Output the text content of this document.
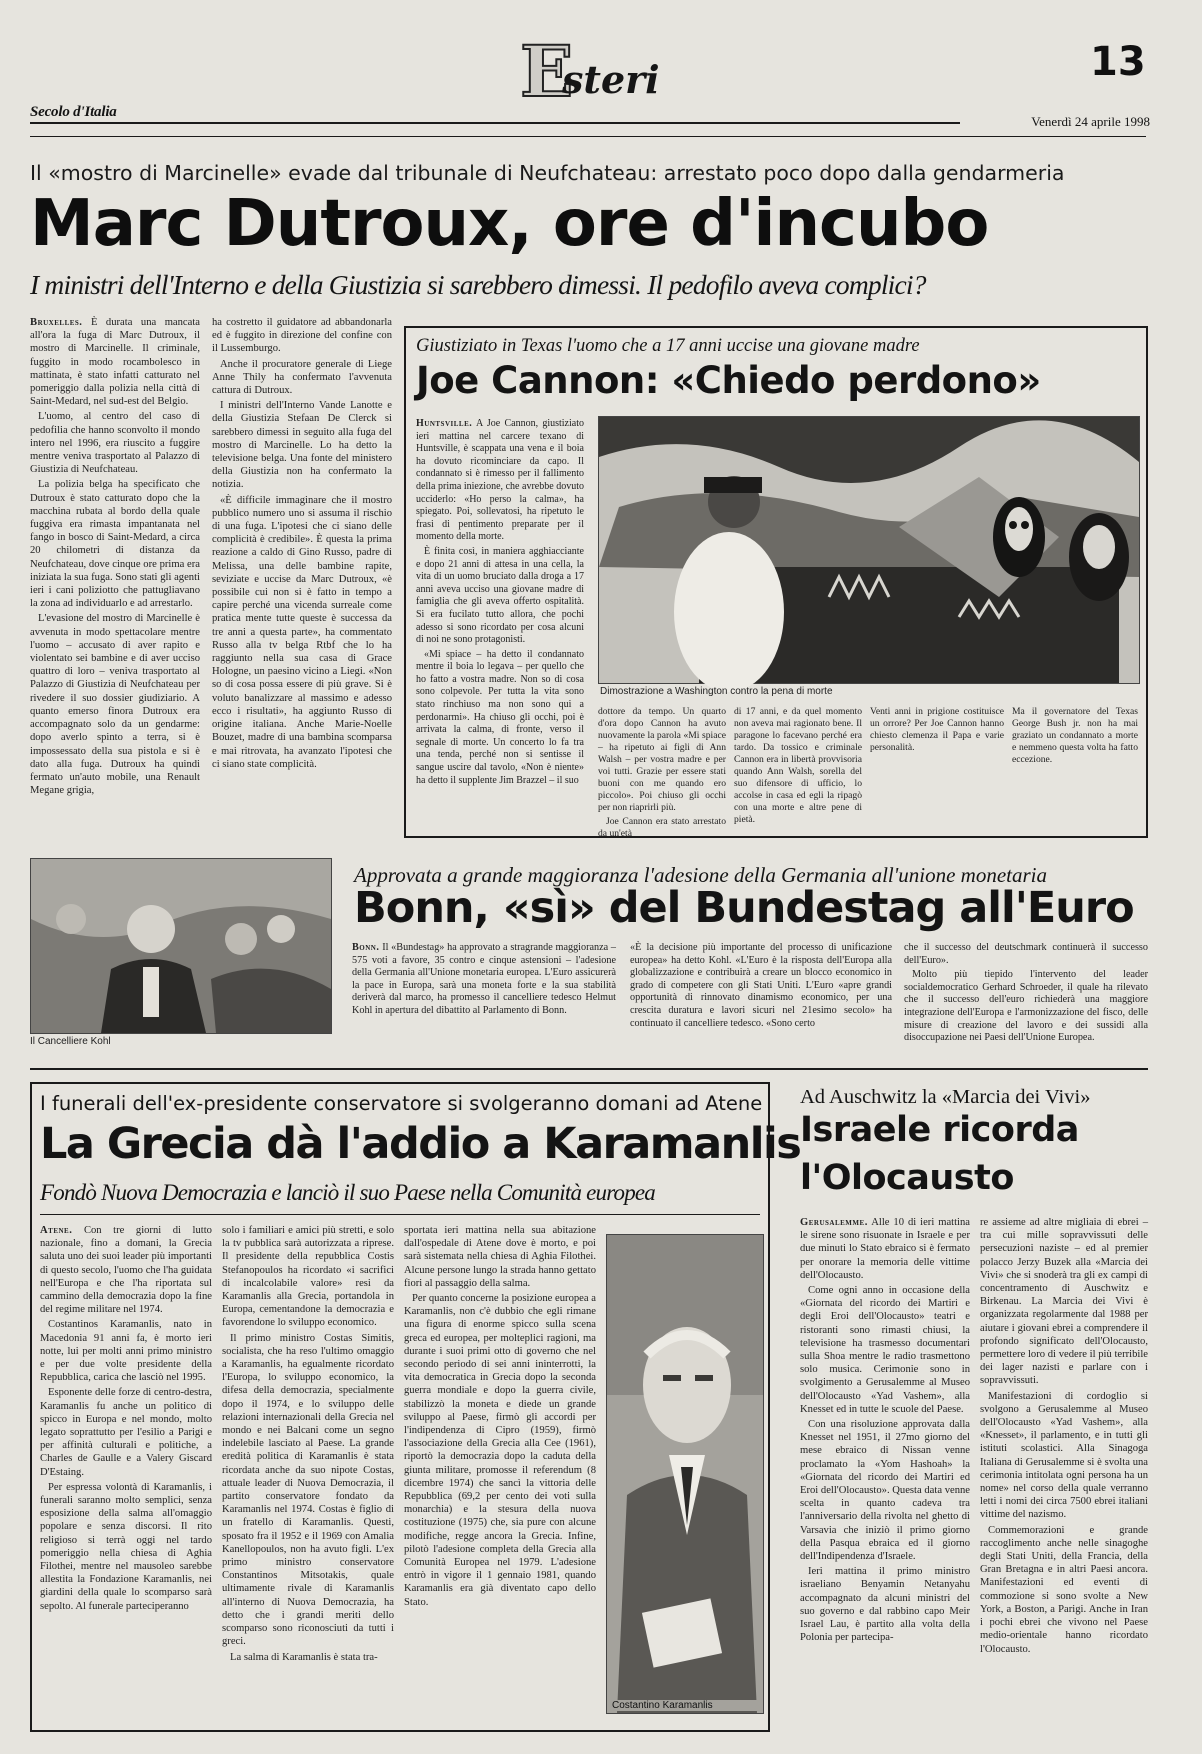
E
steri	13
Secolo d'Italia
Venerdì 24 aprile 1998
Il «mostro di Marcinelle» evade dal tribunale di Neufchateau: arrestato poco dopo dalla gendarmeria
Marc Dutroux, ore d'incubo
I ministri dell'Interno e della Giustizia si sarebbero dimessi. Il pedofilo aveva complici?

Bruxelles. È durata una mancata all'ora la fuga di Marc Dutroux, il mostro di Marcinelle. Il criminale, fuggito in modo rocambolesco in mattinata, è stato infatti catturato nel pomeriggio dalla polizia nella città di Saint-Medard, nel sud-est del Belgio.

L'uomo, al centro del caso di pedofilia che hanno sconvolto il mondo intero nel 1996, era riuscito a fuggire mentre veniva trasportato al Palazzo di Giustizia di Neufchateau.

La polizia belga ha specificato che Dutroux è stato catturato dopo che la macchina rubata al bordo della quale fuggiva era rimasta impantanata nel fango in bosco di Saint-Medard, a circa 20 chilometri di distanza da Neufchateau, dove cinque ore prima era iniziata la sua fuga. Sono stati gli agenti ieri i cani poliziotto che pattugliavano la zona ad individuarlo e ad arrestarlo.

L'evasione del mostro di Marcinelle è avvenuta in modo spettacolare mentre l'uomo – accusato di aver rapito e violentato sei bambine e di aver ucciso quattro di loro – veniva trasportato al Palazzo di Giustizia di Neufchateau per rivedere il suo dossier giudiziario. A quanto emerso finora Dutroux era accompagnato solo da un gendarme: dopo averlo spinto a terra, si è impossessato della sua pistola e si è dato alla fuga. Dutroux ha quindi fermato un'auto mobile, una Renault Megane grigia,

ha costretto il guidatore ad abbandonarla ed è fuggito in direzione del confine con il Lussemburgo.

Anche il procuratore generale di Liege Anne Thily ha confermato l'avvenuta cattura di Dutroux.

I ministri dell'Interno Vande Lanotte e della Giustizia Stefaan De Clerck si sarebbero dimessi in seguito alla fuga del mostro di Marcinelle. Lo ha detto la televisione belga. Una fonte del ministero della Giustizia non ha confermato la notizia.

«È difficile immaginare che il mostro pubblico numero uno si assuma il rischio di una fuga. L'ipotesi che ci siano delle complicità è credibile». È questa la prima reazione a caldo di Gino Russo, padre di Melissa, una delle bambine rapite, seviziate e uccise da Marc Dutroux, «è possibile cui non si è fatto in tempo a capire perché una vicenda surreale come pratica mente tutte queste è successa da tre anni a questa parte», ha commentato Russo alla tv belga Rtbf che lo ha raggiunto nella sua casa di Grace Hologne, un paesino vicino a Liegi. «Non so di cosa possa essere di più grave. Si è voluto banalizzare al massimo e adesso ecco i risultati», ha aggiunto Russo di origine italiana. Anche Marie-Noelle Bouzet, madre di una bambina scomparsa e mai ritrovata, ha avanzato l'ipotesi che ci siano state complicità.

Giustiziato in Texas l'uomo che a 17 anni uccise una giovane madre
Joe Cannon: «Chiedo perdono»

Huntsville. A Joe Cannon, giustiziato ieri mattina nel carcere texano di Huntsville, è scappata una vena e il boia ha dovuto ricominciare da capo. Il condannato si è rimesso per il fallimento della prima iniezione, che avrebbe dovuto ucciderlo: «Ho perso la calma», ha spiegato. Poi, sollevatosi, ha ripetuto le frasi di pentimento preparate per il momento della morte.

È finita così, in maniera agghiacciante e dopo 21 anni di attesa in una cella, la vita di un uomo bruciato dalla droga a 17 anni aveva ucciso una giovane madre di famiglia che gli aveva offerto ospitalità. Si era fucilato tutto allora, che pochi adesso si sono ricordato per cosa alcuni di noi ne sono protagonisti.

«Mi spiace – ha detto il condannato mentre il boia lo legava – per quello che ho fatto a vostra madre. Non so di cosa sono colpevole. Per tutta la vita sono stato rinchiuso ma non sono qui a perdonarmi». Ha chiuso gli occhi, poi è arrivata la calma, di fronte, verso il segnale di morte. Un concerto lo fa tra una tenda, perché non si sentisse il sangue uscire dal tavolo, «Non è niente» ha detto il supplente Jim Brazzel – il suo

Dimostrazione a Washington contro la pena di morte

dottore da tempo. Un quarto d'ora dopo Cannon ha avuto nuovamente la parola «Mi spiace – ha ripetuto ai figli di Ann Walsh – per vostra madre e per voi tutti. Grazie per essere stati buoni con me quando ero piccolo». Poi chiuso gli occhi per non riaprirli più.

Joe Cannon era stato arrestato da un'età

di 17 anni, e da quel momento non aveva mai ragionato bene. Il paragone lo facevano perché era tardo. Da tossico e criminale Cannon era in libertà provvisoria quando Ann Walsh, sorella del suo difensore di ufficio, lo accolse in casa ed egli la ripagò con una morte e altre pene di pietà.

Venti anni in prigione costituisce un orrore? Per Joe Cannon hanno chiesto clemenza il Papa e varie personalità.

Ma il governatore del Texas George Bush jr. non ha mai graziato un condannato a morte e nemmeno questa volta ha fatto eccezione.

Il Cancelliere Kohl
Approvata a grande maggioranza l'adesione della Germania all'unione monetaria
Bonn, «sì» del Bundestag all'Euro

Bonn. Il «Bundestag» ha approvato a stragrande maggioranza – 575 voti a favore, 35 contro e cinque astensioni – l'adesione della Germania all'Unione monetaria europea. L'Euro assicurerà la pace in Europa, sarà una moneta forte e la sua stabilità deriverà dal marco, ha promesso il cancelliere tedesco Helmut Kohl in apertura del dibattito al Parlamento di Bonn.

«È la decisione più importante del processo di unificazione europea» ha detto Kohl. «L'Euro è la risposta dell'Europa alla globalizzazione e contribuirà a creare un blocco economico in grado di competere con gli Stati Uniti. L'Euro «apre grandi opportunità di rinnovato dinamismo economico, per una crescita duratura e lavori sicuri nel 21esimo secolo» ha continuato il cancelliere tedesco. «Sono certo

che il successo del deutschmark continuerà il successo dell'Euro».

Molto più tiepido l'intervento del leader socialdemocratico Gerhard Schroeder, il quale ha rilevato che il successo dell'euro richiederà una maggiore integrazione dell'Europa e l'armonizzazione del fisco, delle misure di creazione del lavoro e dei sussidi alla disoccupazione nei Paesi dell'Unione Europea.

I funerali dell'ex-presidente conservatore si svolgeranno domani ad Atene
La Grecia dà l'addio a Karamanlis
Fondò Nuova Democrazia e lanciò il suo Paese nella Comunità europea

Atene. Con tre giorni di lutto nazionale, fino a domani, la Grecia saluta uno dei suoi leader più importanti di questo secolo, l'uomo che l'ha guidata nell'Europa e che l'ha riportata sul cammino della democrazia dopo la fine del regime militare nel 1974.

Costantinos Karamanlis, nato in Macedonia 91 anni fa, è morto ieri notte, lui per molti anni primo ministro e per due volte presidente della Repubblica, carica che lasciò nel 1995.

Esponente delle forze di centro-destra, Karamanlis fu anche un politico di spicco in Europa e nel mondo, molto legato soprattutto per l'esilio a Parigi e per affinità culturali e politiche, a Charles de Gaulle e a Valery Giscard D'Estaing.

Per espressa volontà di Karamanlis, i funerali saranno molto semplici, senza esposizione della salma all'omaggio popolare e senza discorsi. Il rito religioso si terrà oggi nel tardo pomeriggio nella chiesa di Aghia Filothei, mentre nel mausoleo sarebbe allestita la Fondazione Karamanlis, nei giardini della quale lo scomparso sarà sepolto. Al funerale parteciperanno

solo i familiari e amici più stretti, e solo la tv pubblica sarà autorizzata a riprese. Il presidente della repubblica Costis Stefanopoulos ha ricordato «i sacrifici di incalcolabile valore» resi da Karamanlis alla Grecia, portandola in Europa, cementandone la democrazia e favorendone lo sviluppo economico.

Il primo ministro Costas Simitis, socialista, che ha reso l'ultimo omaggio a Karamanlis, ha egualmente ricordato l'Europa, lo sviluppo economico, la difesa della democrazia, specialmente dopo il 1974, e lo sviluppo delle relazioni internazionali della Grecia nel mondo e nei Balcani come un segno indelebile lasciato al Paese. La grande eredità politica di Karamanlis è stata ricordata anche da suo nipote Costas, attuale leader di Nuova Democrazia, il partito conservatore fondato da Karamanlis nel 1974. Costas è figlio di un fratello di Karamanlis. Questi, sposato fra il 1952 e il 1969 con Amalia Kanellopoulos, non ha avuto figli. L'ex primo ministro conservatore Constantinos Mitsotakis, quale ultimamente rivale di Karamanlis all'interno di Nuova Democrazia, ha detto che i grandi meriti dello scomparso sono riconosciuti da tutti i greci.

La salma di Karamanlis è stata tra-

sportata ieri mattina nella sua abitazione dall'ospedale di Atene dove è morto, e poi sarà sistemata nella chiesa di Aghia Filothei. Alcune persone lungo la strada hanno gettato fiori al passaggio della salma.

Per quanto concerne la posizione europea a Karamanlis, non c'è dubbio che egli rimane una figura di enorme spicco sulla scena greca ed europea, per molteplici ragioni, ma durante i suoi primi otto di governo che nel secondo periodo di sei anni ininterrotti, la vita democratica in Grecia dopo la seconda guerra mondiale e dopo la guerra civile, stabilizzò la moneta e diede un grande sviluppo al Paese, firmò gli accordi per l'indipendenza di Cipro (1959), firmò l'associazione della Grecia alla Cee (1961), riportò la democrazia dopo la caduta della giunta militare, promosse il referendum (8 dicembre 1974) che sancì la vittoria delle Repubblica (69,2 per cento dei voti sulla monarchia) e la stesura della nuova costituzione (1975) che, sia pure con alcune modifiche, regge ancora la Grecia. Infine, pilotò l'adesione completa della Grecia alla Comunità Europea nel 1979. L'adesione entrò in vigore il 1 gennaio 1981, quando Karamanlis era già diventato capo dello Stato.

Costantino Karamanlis
Ad Auschwitz la «Marcia dei Vivi»
Israele ricorda
l'Olocausto

Gerusalemme. Alle 10 di ieri mattina le sirene sono risuonate in Israele e per due minuti lo Stato ebraico si è fermato per onorare la memoria delle vittime dell'Olocausto.

Come ogni anno in occasione della «Giornata del ricordo dei Martiri e degli Eroi dell'Olocausto» teatri e ristoranti sono rimasti chiusi, la televisione ha trasmesso documentari sulla Shoa mentre le radio trasmettono solo musica. Cerimonie sono in svolgimento a Gerusalemme al Museo dell'Olocausto «Yad Vashem», alla Knesset ed in tutte le scuole del Paese.

Con una risoluzione approvata dalla Knesset nel 1951, il 27mo giorno del mese ebraico di Nissan venne proclamato la «Yom Hashoah» la «Giornata del ricordo dei Martiri ed Eroi dell'Olocausto». Questa data venne scelta in quanto cadeva tra l'anniversario della rivolta nel ghetto di Varsavia che iniziò il primo giorno della Pasqua ebraica ed il giorno dell'Indipendenza d'Israele.

Ieri mattina il primo ministro israeliano Benyamin Netanyahu accompagnato da alcuni ministri del suo governo e dal rabbino capo Meir Israel Lau, è partito alla volta della Polonia per partecipa-

re assieme ad altre migliaia di ebrei – tra cui mille sopravvissuti delle persecuzioni naziste – ed al premier polacco Jerzy Buzek alla «Marcia dei Vivi» che si snoderà tra gli ex campi di concentramento di Auschwitz e Birkenau. La Marcia dei Vivi è organizzata regolarmente dal 1988 per aiutare i giovani ebrei a comprendere il profondo significato dell'Olocausto, permettere loro di vedere il più terribile dei lager nazisti e parlare con i sopravvissuti.

Manifestazioni di cordoglio si svolgono a Gerusalemme al Museo dell'Olocausto «Yad Vashem», alla «Knesset», il parlamento, e in tutti gli istituti scolastici. Alla Sinagoga Italiana di Gerusalemme si è svolta una cerimonia intitolata ogni persona ha un nome» nel corso della quale verranno letti i nomi dei circa 7500 ebrei italiani vittime del nazismo.

Commemorazioni e grande raccoglimento anche nelle sinagoghe degli Stati Uniti, della Francia, della Gran Bretagna e in altri Paesi ancora. Manifestazioni ed eventi di commozione si sono svolte a New York, a Boston, a Parigi. Anche in Iran i pochi ebrei che vivono nel Paese medio-orientale hanno ricordato l'Olocausto.
